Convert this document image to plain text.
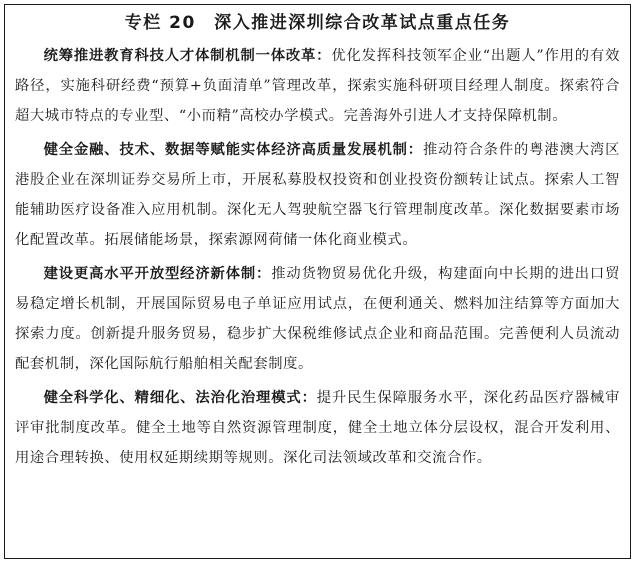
专栏 20　深入推进深圳综合改革试点重点任务

统筹推进教育科技人才体制机制一体改革：优化发挥科技领军企业“出题人”作用的有效路径，实施科研经费“预算+负面清单”管理改革，探索实施科研项目经理人制度。探索符合超大城市特点的专业型、“小而精”高校办学模式。完善海外引进人才支持保障机制。

健全金融、技术、数据等赋能实体经济高质量发展机制：推动符合条件的粤港澳大湾区港股企业在深圳证券交易所上市，开展私募股权投资和创业投资份额转让试点。探索人工智能辅助医疗设备准入应用机制。深化无人驾驶航空器飞行管理制度改革。深化数据要素市场化配置改革。拓展储能场景，探索源网荷储一体化商业模式。

建设更高水平开放型经济新体制：推动货物贸易优化升级，构建面向中长期的进出口贸易稳定增长机制，开展国际贸易电子单证应用试点，在便利通关、燃料加注结算等方面加大探索力度。创新提升服务贸易，稳步扩大保税维修试点企业和商品范围。完善便利人员流动配套机制，深化国际航行船舶相关配套制度。

健全科学化、精细化、法治化治理模式：提升民生保障服务水平，深化药品医疗器械审评审批制度改革。健全土地等自然资源管理制度，健全土地立体分层设权，混合开发利用、用途合理转换、使用权延期续期等规则。深化司法领域改革和交流合作。
